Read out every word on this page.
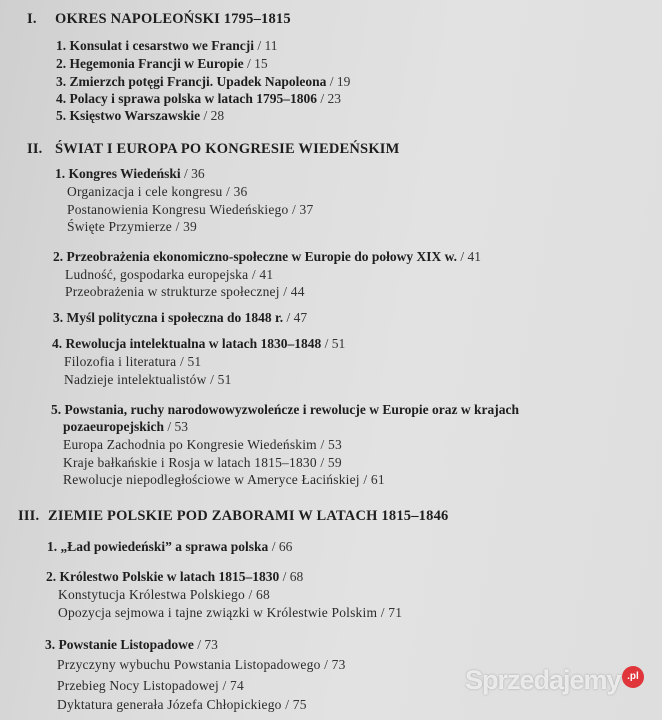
I. OKRES NAPOLEOŃSKI 1795–1815
1. Konsulat i cesarstwo we Francji / 11
2. Hegemonia Francji w Europie / 15
3. Zmierzch potęgi Francji. Upadek Napoleona / 19
4. Polacy i sprawa polska w latach 1795–1806 / 23
5. Księstwo Warszawskie / 28
II. ŚWIAT I EUROPA PO KONGRESIE WIEDEŃSKIM
1. Kongres Wiedeński / 36
Organizacja i cele kongresu / 36
Postanowienia Kongresu Wiedeńskiego / 37
Święte Przymierze / 39
2. Przeobrażenia ekonomiczno-społeczne w Europie do połowy XIX w. / 41
Ludność, gospodarka europejska / 41
Przeobrażenia w strukturze społecznej / 44
3. Myśl polityczna i społeczna do 1848 r. / 47
4. Rewolucja intelektualna w latach 1830–1848 / 51
Filozofia i literatura / 51
Nadzieje intelektualistów / 51
5. Powstania, ruchy narodowowyzwoleńcze i rewolucje w Europie oraz w krajach
pozaeuropejskich / 53
Europa Zachodnia po Kongresie Wiedeńskim / 53
Kraje bałkańskie i Rosja w latach 1815–1830 / 59
Rewolucje niepodległościowe w Ameryce Łacińskiej / 61
III. ZIEMIE POLSKIE POD ZABORAMI W LATACH 1815–1846
1. „Ład powiedeński” a sprawa polska / 66
2. Królestwo Polskie w latach 1815–1830 / 68
Konstytucja Królestwa Polskiego / 68
Opozycja sejmowa i tajne związki w Królestwie Polskim / 71
3. Powstanie Listopadowe / 73
Przyczyny wybuchu Powstania Listopadowego / 73
Przebieg Nocy Listopadowej / 74
Dyktatura generała Józefa Chłopickiego / 75
Sprzedajemy .pl
